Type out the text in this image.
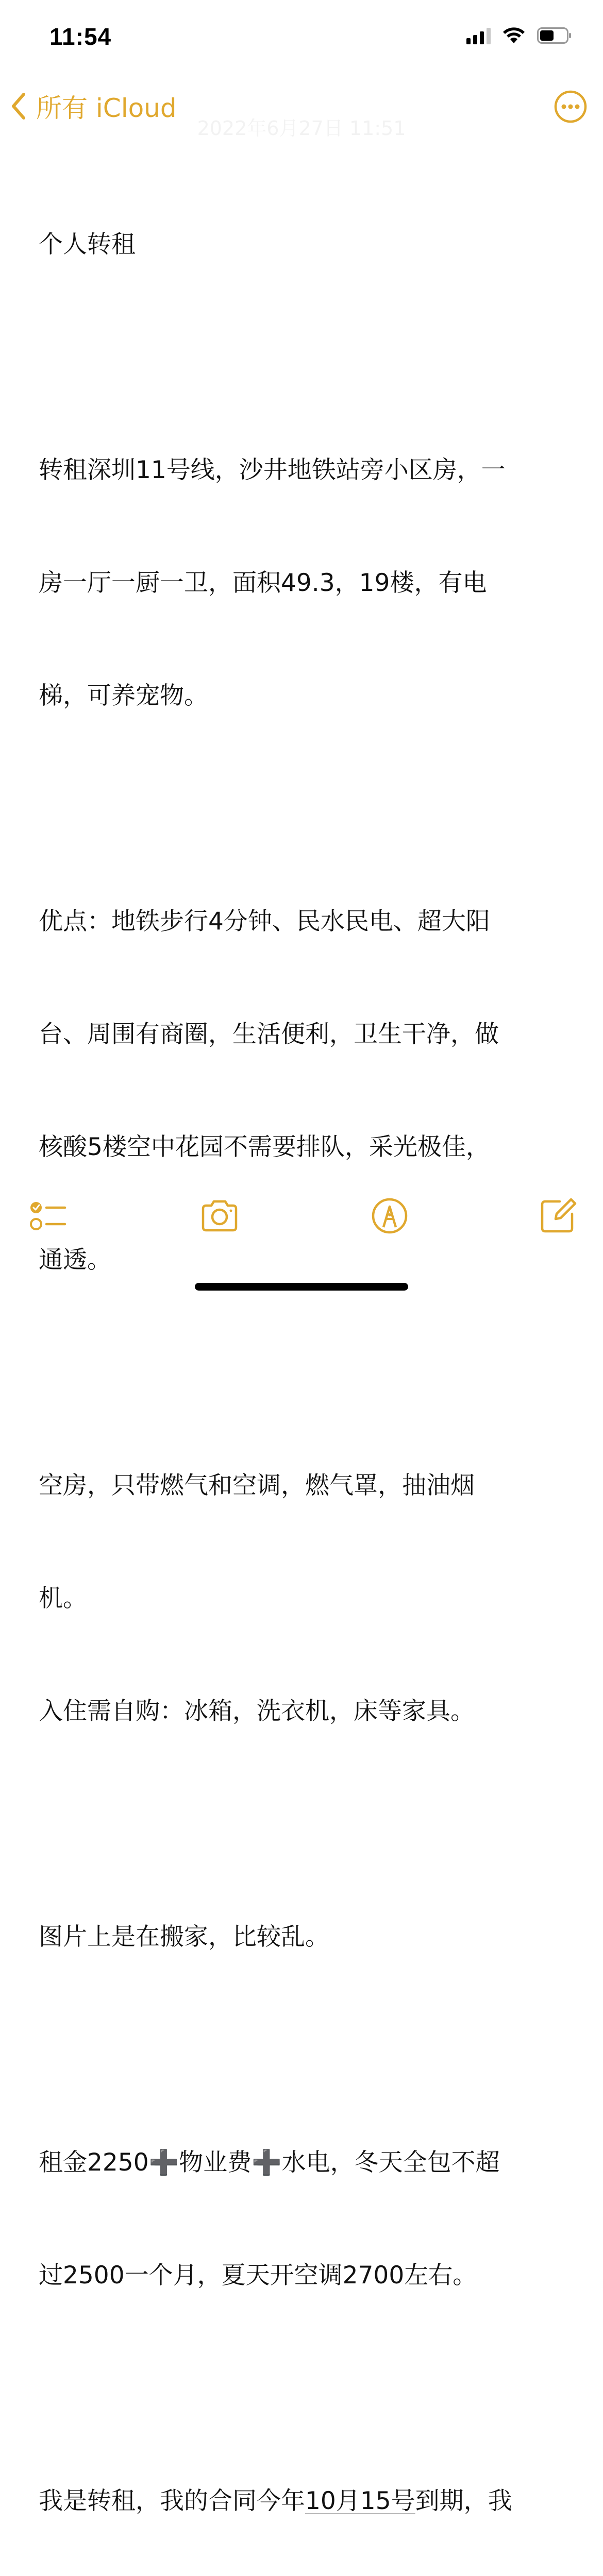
11:54
所有 iCloud
2022年6月27日 11:51

个人转租

转租深圳11号线，沙井地铁站旁小区房，一

房一厅一厨一卫，面积49.3，19楼，有电

梯，可养宠物。

优点：地铁步行4分钟、民水民电、超大阳

台、周围有商圈，生活便利，卫生干净，做

核酸5楼空中花园不需要排队，采光极佳，

通透。

空房，只带燃气和空调，燃气罩，抽油烟

机。

入住需自购：冰箱，洗衣机，床等家具。

图片上是在搬家，比较乱。

租金2250➕物业费➕水电，冬天全包不超

过2500一个月，夏天开空调2700左右。

我是转租，我的合同今年10月15号到期，我
